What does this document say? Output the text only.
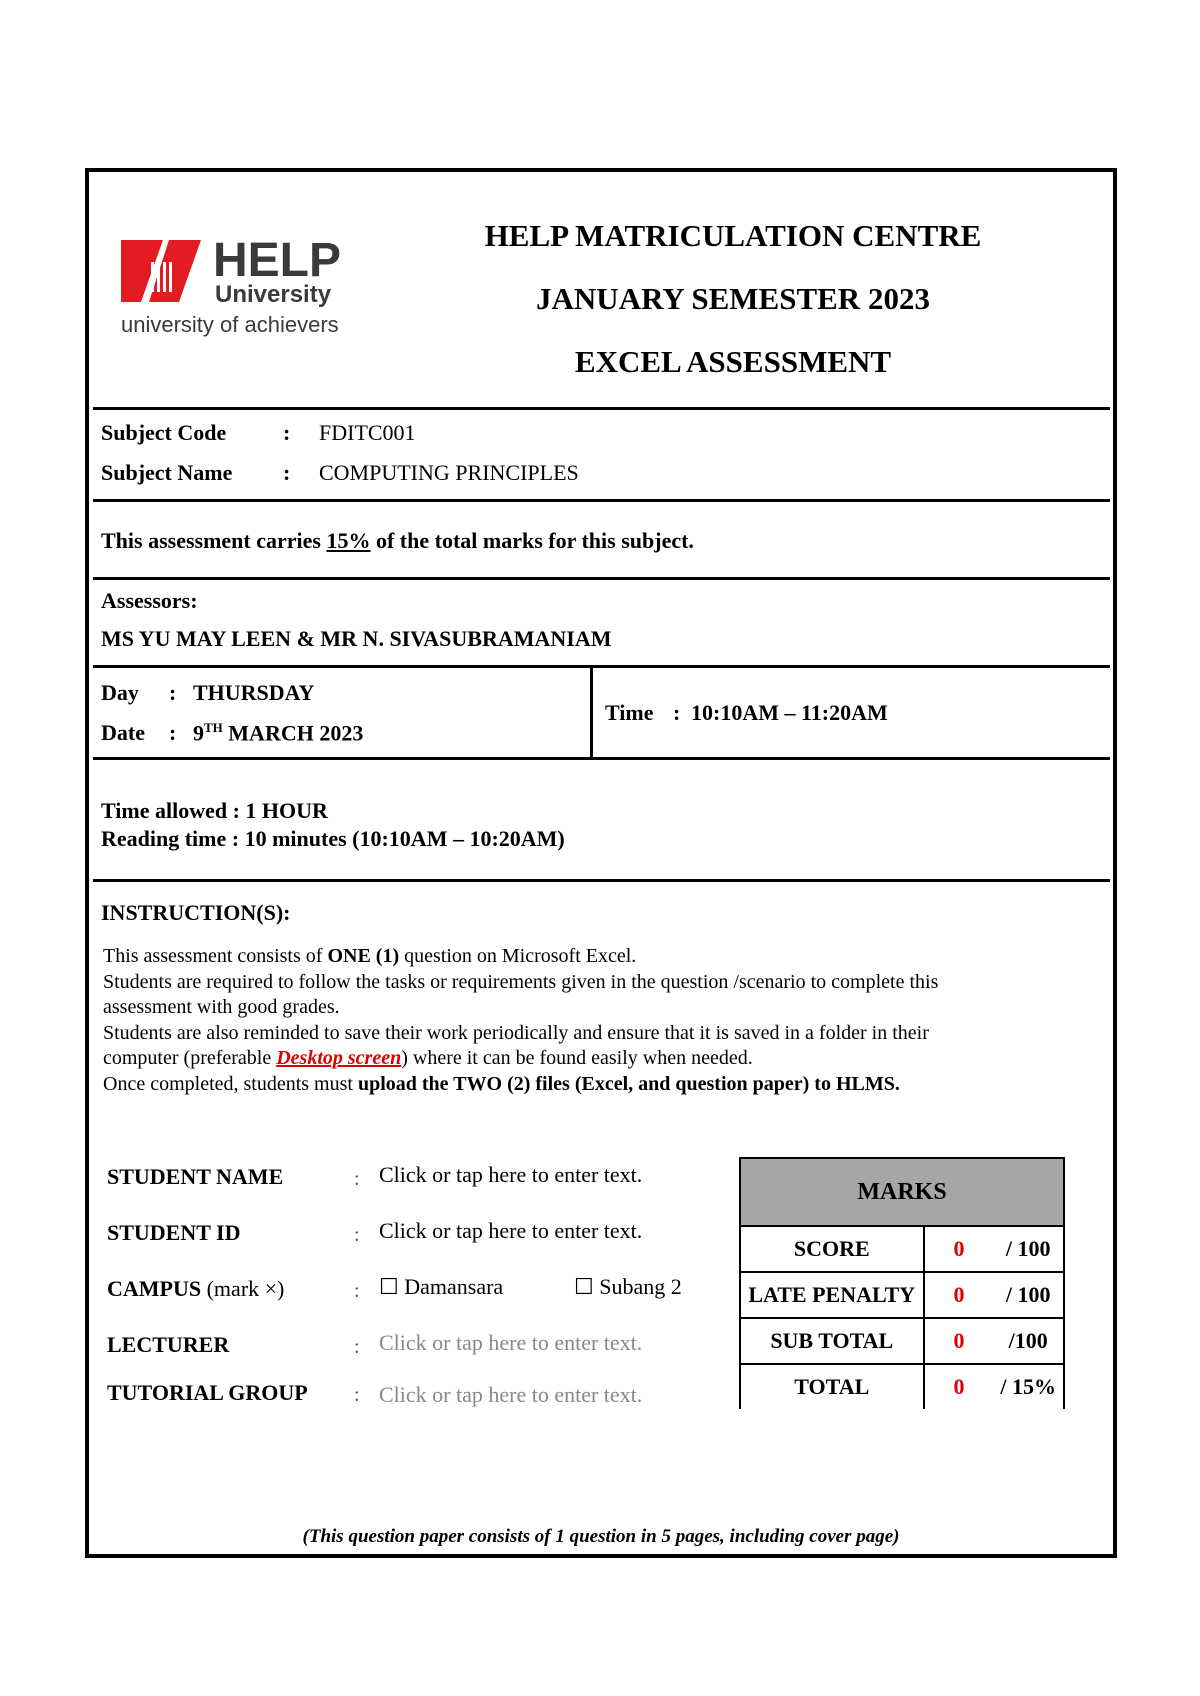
HELP
University
university of achievers
HELP MATRICULATION CENTRE
JANUARY SEMESTER 2023
EXCEL ASSESSMENT
Subject Code	: FDITC001
Subject Name : COMPUTING PRINCIPLES
This assessment carries 15% of the total marks for this subject.
Assessors:
MS YU MAY LEEN & MR N. SIVASUBRAMANIAM
Day : THURSDAY
Date : 9TH MARCH 2023
Time : 10:10AM – 11:20AM
Time allowed : 1 HOUR
Reading time : 10 minutes (10:10AM – 10:20AM)
INSTRUCTION(S):
This assessment consists of ONE (1) question on Microsoft Excel.
Students are required to follow the tasks or requirements given in the question /scenario to complete this
assessment with good grades.
Students are also reminded to save their work periodically and ensure that it is saved in a folder in their
computer (preferable Desktop screen) where it can be found easily when needed.
Once completed, students must upload the TWO (2) files (Excel, and question paper) to HLMS.
STUDENT NAME	: Click or tap here to enter text.
STUDENT ID	: Click or tap here to enter text.
CAMPUS (mark ×)	: ☐ Damansara	☐ Subang 2
LECTURER	: Click or tap here to enter text.
TUTORIAL GROUP : Click or tap here to enter text.
MARKS		
SCORE	0	/ 100
LATE PENALTY	0	/ 100
SUB TOTAL	0	/100
TOTAL	0	/ 15%
(This question paper consists of 1 question in 5 pages, including cover page)
